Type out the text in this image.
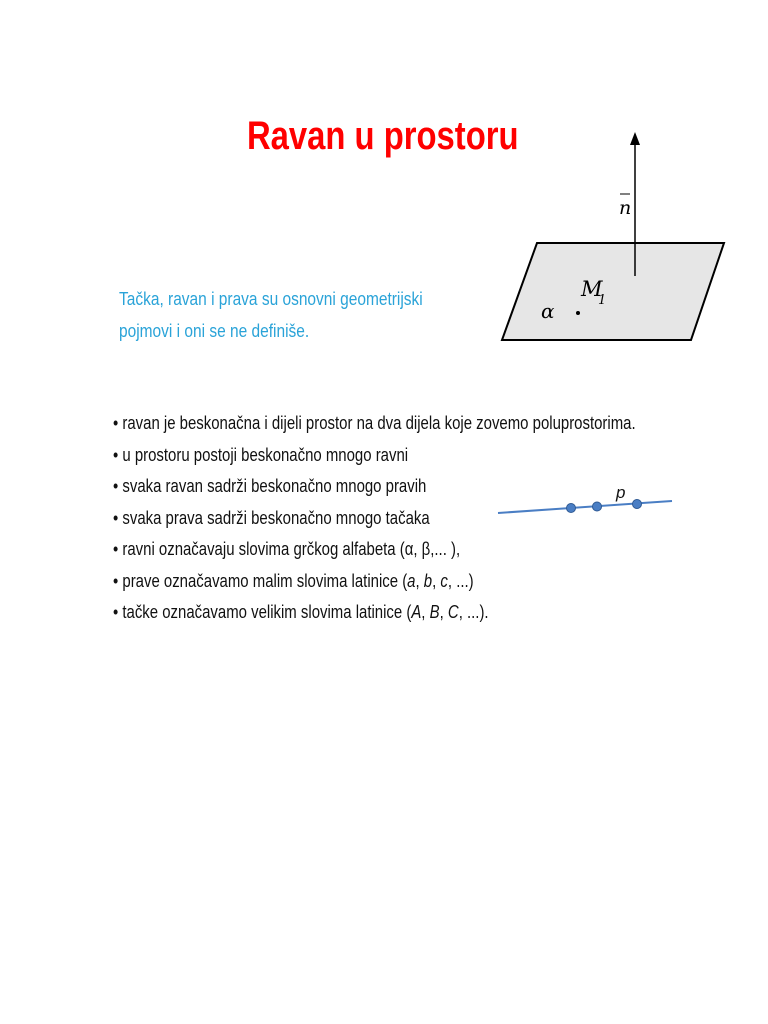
Ravan u prostoru
Tačka, ravan i prava su osnovni geometrijski
pojmovi i oni se ne definiše.
n
M
1
α
• ravan je beskonačna i dijeli prostor na dva dijela koje zovemo poluprostorima.
• u prostoru postoji beskonačno mnogo ravni
• svaka ravan sadrži beskonačno mnogo pravih
• svaka prava sadrži beskonačno mnogo tačaka
• ravni označavaju slovima grčkog alfabeta (α, β,... ),
• prave označavamo malim slovima latinice (a, b, c, ...)
• tačke označavamo velikim slovima latinice (A, B, C, ...).
p
